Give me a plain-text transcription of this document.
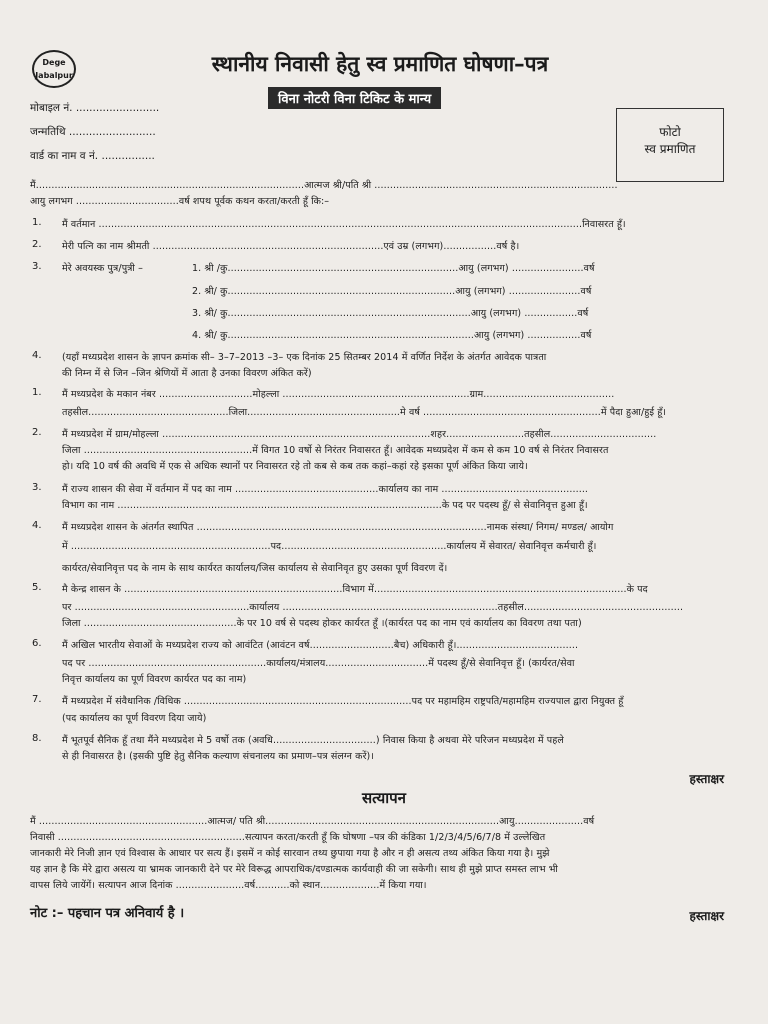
Dege
Jabalpur	स्थानीय निवासी हेतु स्व प्रमाणित घोषणा–पत्र
विना नोटरी विना टिकिट के मान्य
फोटो
स्व प्रमाणित
मोबाइल नं. .........................
जन्मतिथि ..........................
वार्ड का नाम व नं. ................
मैं......................................................................................आत्मज श्री/पति श्री ..............................................................................
आयु लगभग .................................वर्ष शपथ पूर्वक कथन करता/करती हूँ कि:–
1. मैं वर्तमान ...........................................................................................................................................................निवासरत हूँ।
2. मेरी पत्नि का नाम श्रीमती ..........................................................................एवं उम्र (लगभग).................वर्ष है।
3. मेरे अवयस्क पुत्र/पुत्री –	1. श्री /कु..........................................................................आयु (लगभग) .......................वर्ष
2. श्री/ कु.........................................................................आयु (लगभग) .......................वर्ष
3. श्री/ कु..............................................................................आयु (लगभग) .................वर्ष
4. श्री/ कु...............................................................................आयु (लगभग) .................वर्ष
4. (यहाँ मध्यप्रदेश शासन के ज्ञापन क्रमांक सी– 3–7–2013 –3– एक दिनांक 25 सितम्बर 2014 में वर्णित निर्देश के अंतर्गत आवेदक पात्रता
की निम्न में से जिन –जिन श्रेणियों में आता है उनका विवरण अंकित करें)
1. मैं मध्यप्रदेश के मकान नंबर ..............................मोहल्ला ............................................................ग्राम..........................................
तहसील.............................................जिला.................................................मे वर्ष .........................................................में पैदा हुआ/हुई हूँ।
2. मैं मध्यप्रदेश में ग्राम/मोहल्ला ......................................................................................शहर.........................तहसील..................................
जिला ......................................................में विगत 10 वर्षो से निरंतर निवासरत हूँ। आवेदक मध्यप्रदेश में कम से कम 10 वर्ष से निरंतर निवासरत
हो। यदि 10 वर्ष की अवधि में एक से अधिक स्थानों पर निवासरत रहे तो कब से कब तक कहां–कहां रहे इसका पूर्ण अंकित किया जाये।
3. मैं राज्य शासन की सेवा में वर्तमान में पद का नाम ..............................................कार्यालय का नाम ...............................................
विभाग का नाम ........................................................................................................के पद पर पदस्थ हूँ/ से सेवानिवृत्त हुआ हूँ।
4. मैं मध्यप्रदेश शासन के अंतर्गत स्थापित .............................................................................................नामक संस्था/ निगम/ मण्डल/ आयोग
में ................................................................पद.....................................................कार्यालय में सेवारत/ सेवानिवृत्त कर्मचारी हूँ।
कार्यरत/सेवानिवृत्त पद के नाम के साथ कार्यरत कार्यालय/जिस कार्यालय से सेवानिवृत हुए उसका पूर्ण विवरण दें।
5. मै केन्द्र शासन के ......................................................................विभाग में.................................................................................के पद
पर ........................................................कार्यालय .....................................................................तहसील...................................................
जिला .................................................के पर 10 वर्ष से पदस्थ होकर कार्यरत हूँ ।(कार्यरत पद का नाम एवं कार्यालय का विवरण तथा पता)
6. मैं अखिल भारतीय सेवाओं के मध्यप्रदेश राज्य को आवंटित (आवंटन वर्ष...........................बैच) अधिकारी हूँ।.......................................
पद पर .........................................................कार्यालय/मंत्रालय.................................में पदस्थ हूँ/से सेवानिवृत्त हूँ। (कार्यरत/सेवा
निवृत्त कार्यालय का पूर्ण विवरण कार्यरत पद का नाम)
7. मैं मध्यप्रदेश में संवैधानिक /विधिक .........................................................................पद पर महामहिम राष्ट्रपति/महामहिम राज्यपाल द्वारा नियुक्त हूँ
(पद कार्यालय का पूर्ण विवरण दिया जाये)
8. मैं भूतपूर्व सैनिक हूँ तथा मैंने मध्यप्रदेश मे 5 वर्षो तक (अवधि.................................) निवास किया है अथवा मेरे परिजन मध्यप्रदेश में पहले
से ही निवासरत है। (इसकी पुष्टि हेतु सैनिक कल्याण संचनालय का प्रमाण–पत्र संलग्न करें)।
हस्ताक्षर
सत्यापन
मैं ......................................................आत्मज/ पति श्री...........................................................................आयु......................वर्ष
निवासी ............................................................सत्यापन करता/करती हूँ कि घोषणा –पत्र की कंडिका 1/2/3/4/5/6/7/8 में उल्लेखित
जानकारी मेरे निजी ज्ञान एवं विश्वास के आधार पर सत्य हैं। इसमें न कोई सारवान तथ्य छुपाया गया है और न ही असत्य तथ्य अंकित किया गया है। मुझे
यह ज्ञान है कि मेरे द्वारा असत्य या भ्रामक जानकारी देने पर मेरे विरूद्ध आपराधिक/दण्डात्मक कार्यवाही की जा सकेगी। साथ ही मुझे प्राप्त समस्त लाभ भी
वापस लिये जायेंगें। सत्यापन आज दिनांक ......................वर्ष...........को स्थान...................में किया गया।
नोट :– पहचान पत्र अनिवार्य है ।	हस्ताक्षर
